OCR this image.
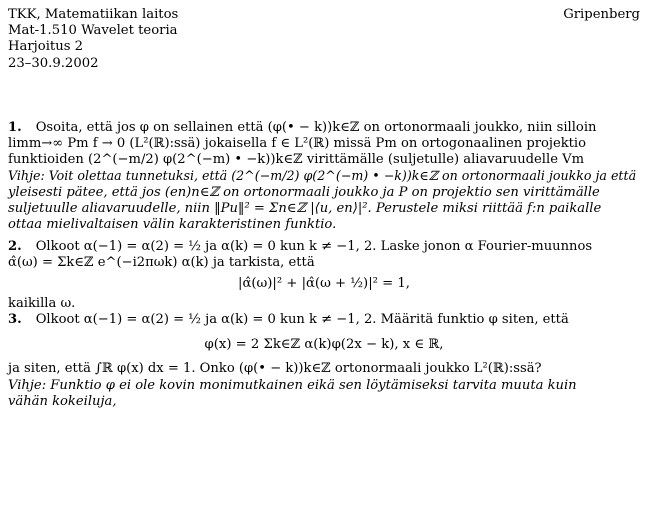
TKK, Matematiikan laitos	Gripenberg
Mat-1.510 Wavelet teoria
Harjoitus 2
23–30.9.2002
1. Osoita, että jos φ on sellainen että (φ(• − k))k∈ℤ on ortonormaali joukko, niin silloin
limm→∞ Pm f → 0 (L²(ℝ):ssä) jokaisella f ∈ L²(ℝ) missä Pm on ortogonaalinen projektio
funktioiden (2^(−m/2) φ(2^(−m) • −k))k∈ℤ virittämälle (suljetulle) aliavaruudelle Vm
Vihje: Voit olettaa tunnetuksi, että (2^(−m/2) φ(2^(−m) • −k))k∈ℤ on ortonormaali joukko ja että
yleisesti pätee, että jos (en)n∈ℤ on ortonormaali joukko ja P on projektio sen virittämälle
suljetuulle aliavaruudelle, niin ‖Pu‖² = Σn∈ℤ |⟨u, en⟩|². Perustele miksi riittää f:n paikalle
ottaa mielivaltaisen välin karakteristinen funktio.
2. Olkoot α(−1) = α(2) = ½ ja α(k) = 0 kun k ≠ −1, 2. Laske jonon α Fourier-muunnos
α̂(ω) = Σk∈ℤ e^(−i2πωk) α(k) ja tarkista, että
|α̂(ω)|² + |α̂(ω + ½)|² = 1,
kaikilla ω.
3. Olkoot α(−1) = α(2) = ½ ja α(k) = 0 kun k ≠ −1, 2. Määritä funktio φ siten, että
φ(x) = 2 Σk∈ℤ α(k)φ(2x − k), x ∈ ℝ,
ja siten, että ∫ℝ φ(x) dx = 1. Onko (φ(• − k))k∈ℤ ortonormaali joukko L²(ℝ):ssä?
Vihje: Funktio φ ei ole kovin monimutkainen eikä sen löytämiseksi tarvita muuta kuin
vähän kokeiluja,
